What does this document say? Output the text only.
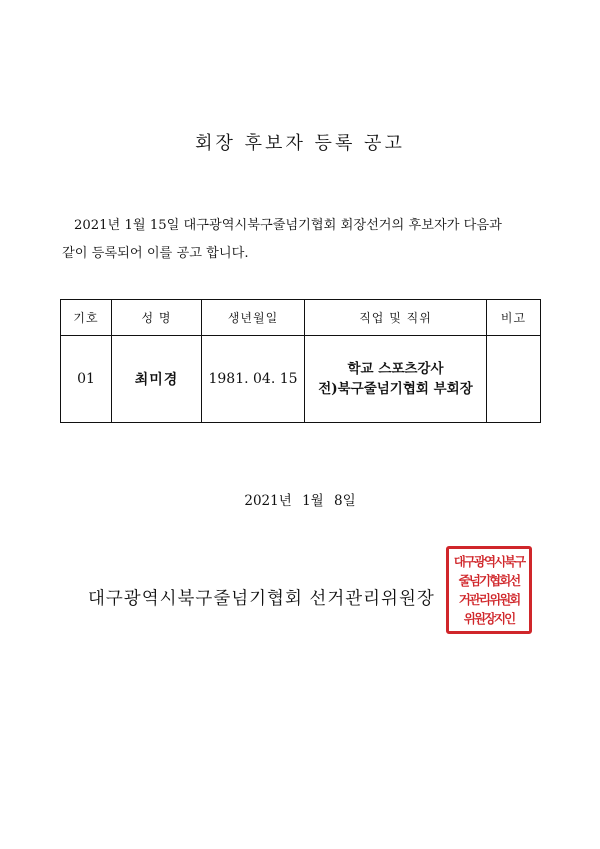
회장 후보자 등록 공고

2021년 1월 15일 대구광역시북구줄넘기협회 회장선거의 후보자가 다음과

같이 등록되어 이를 공고 합니다.
기호	성 명	생년월일	직업 및 직위	비고
01	최미경	1981. 04. 15	학교 스포츠강사
전)북구줄넘기협회 부회장	

2021년 1월 8일
대구광역시북구줄넘기협회 선거관리위원장
대구광역시북구
줄넘기협회선
거관리위원회
위원장지인
